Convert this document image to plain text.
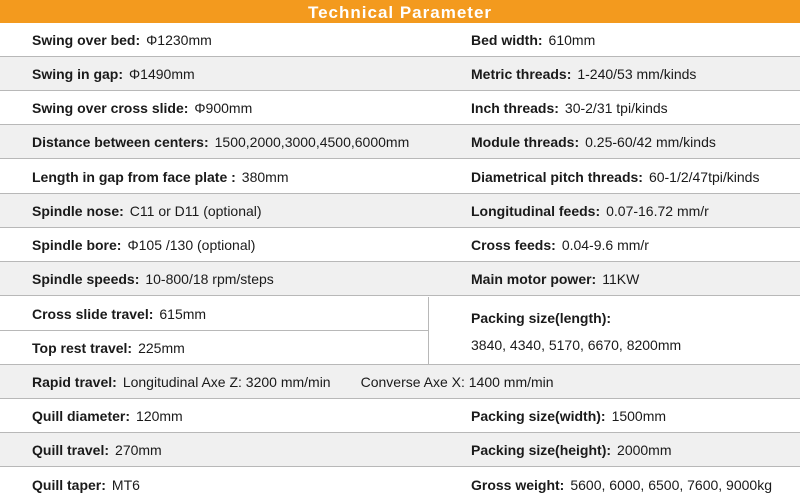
Technical Parameter
Swing over bed: Φ1230mm	Bed width: 610mm
Swing in gap: Φ1490mm	Metric threads: 1-240/53 mm/kinds
Swing over cross slide: Φ900mm	Inch threads: 30-2/31 tpi/kinds
Distance between centers: 1500,2000,3000,4500,6000mm	Module threads: 0.25-60/42 mm/kinds
Length in gap from face plate : 380mm	Diametrical pitch threads: 60-1/2/47tpi/kinds
Spindle nose: C11 or D11 (optional)	Longitudinal feeds: 0.07-16.72 mm/r
Spindle bore: Φ105 /130 (optional)	Cross feeds: 0.04-9.6 mm/r
Spindle speeds: 10-800/18 rpm/steps	Main motor power: 11KW
Cross slide travel: 615mm
Top rest travel: 225mm
Packing size(length):
3840, 4340, 5170, 6670, 8200mm
Rapid travel: Longitudinal Axe Z: 3200 mm/min Converse Axe X: 1400 mm/min
Quill diameter: 120mm	Packing size(width): 1500mm
Quill travel: 270mm	Packing size(height): 2000mm
Quill taper: MT6	Gross weight: 5600, 6000, 6500, 7600, 9000kg
